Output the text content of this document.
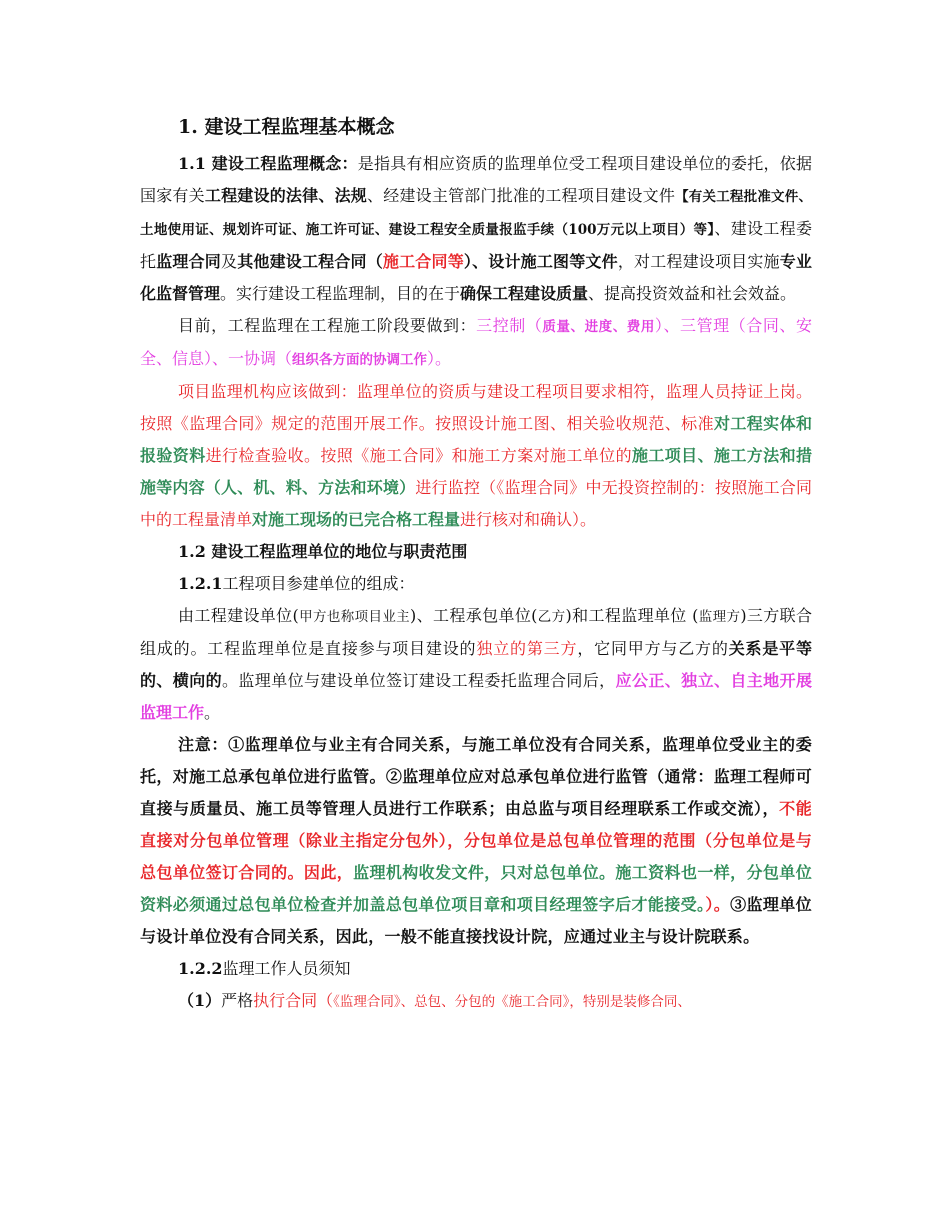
1. 建设工程监理基本概念

1.1 建设工程监理概念：是指具有相应资质的监理单位受工程项目建设单位的委托，依据国家有关工程建设的法律、法规、经建设主管部门批准的工程项目建设文件【有关工程批准文件、土地使用证、规划许可证、施工许可证、建设工程安全质量报监手续（100万元以上项目）等】、建设工程委托监理合同及其他建设工程合同（施工合同等）、设计施工图等文件，对工程建设项目实施专业化监督管理。实行建设工程监理制，目的在于确保工程建设质量、提高投资效益和社会效益。

目前，工程监理在工程施工阶段要做到：三控制（质量、进度、费用）、三管理（合同、安全、信息）、一协调（组织各方面的协调工作）。

项目监理机构应该做到：监理单位的资质与建设工程项目要求相符，监理人员持证上岗。按照《监理合同》规定的范围开展工作。按照设计施工图、相关验收规范、标准对工程实体和报验资料进行检查验收。按照《施工合同》和施工方案对施工单位的施工项目、施工方法和措施等内容（人、机、料、方法和环境）进行监控（《监理合同》中无投资控制的：按照施工合同中的工程量清单对施工现场的已完合格工程量进行核对和确认）。

1.2 建设工程监理单位的地位与职责范围

1.2.1工程项目参建单位的组成：

由工程建设单位(甲方也称项目业主)、工程承包单位(乙方)和工程监理单位 (监理方)三方联合组成的。工程监理单位是直接参与项目建设的独立的第三方，它同甲方与乙方的关系是平等的、横向的。监理单位与建设单位签订建设工程委托监理合同后，应公正、独立、自主地开展监理工作。

注意：①监理单位与业主有合同关系，与施工单位没有合同关系，监理单位受业主的委托，对施工总承包单位进行监管。②监理单位应对总承包单位进行监管（通常：监理工程师可直接与质量员、施工员等管理人员进行工作联系；由总监与项目经理联系工作或交流），不能直接对分包单位管理（除业主指定分包外），分包单位是总包单位管理的范围（分包单位是与总包单位签订合同的。因此，监理机构收发文件，只对总包单位。施工资料也一样，分包单位资料必须通过总包单位检查并加盖总包单位项目章和项目经理签字后才能接受。）。③监理单位与设计单位没有合同关系，因此，一般不能直接找设计院，应通过业主与设计院联系。

1.2.2监理工作人员须知

（1）严格执行合同（《监理合同》、总包、分包的《施工合同》，特别是装修合同、
